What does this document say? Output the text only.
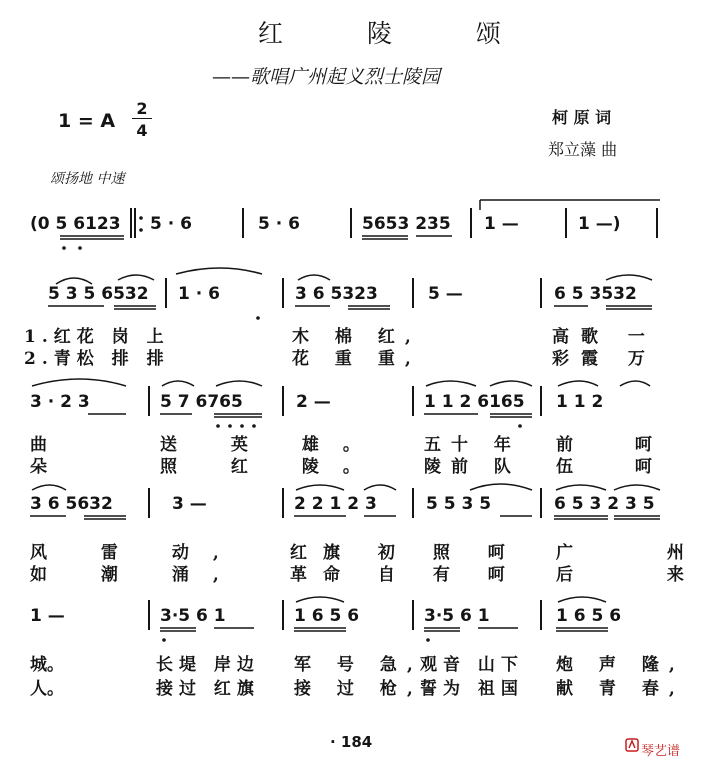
红 陵 颂
——歌唱广州起义烈士陵园
1 = A
2
4
柯 原 词
郑立藻 曲
颂扬地 中速
(0 5 6123 5 · 6	5 · 6	5653 235 1 —	1 —)
5 3 5 6532 1 · 6	3 6 5323	5 —	6 5 3532
1.红花 岗 上	木 棉 红,	高歌 一
2.青松 排 排	花 重 重,	彩霞 万
3 · 2 3	5 7 6765	2 —	1 1 2 6165 1 1 2
曲	送 英 雄。 五十 年 前 呵
朵	照 红 陵。 陵前 队 伍 呵
3 6 5632	3 —	2 2 1 2 3	5 5 3 5	6 5 3 2 3 5
风 雷 动,	红旗 初 照 呵 广 州
如 潮 涌,	革命 自 有 呵 后 来
1 —	3·5 6 1	1 6 5 6	3·5 6 1	1 6 5 6
城。	长堤 岸边 军 号 急,
观音 山下 炮 声 隆,
人。	接过 红旗 接 过 枪,
誓为 祖国 献 青 春,
· 184
琴艺谱
